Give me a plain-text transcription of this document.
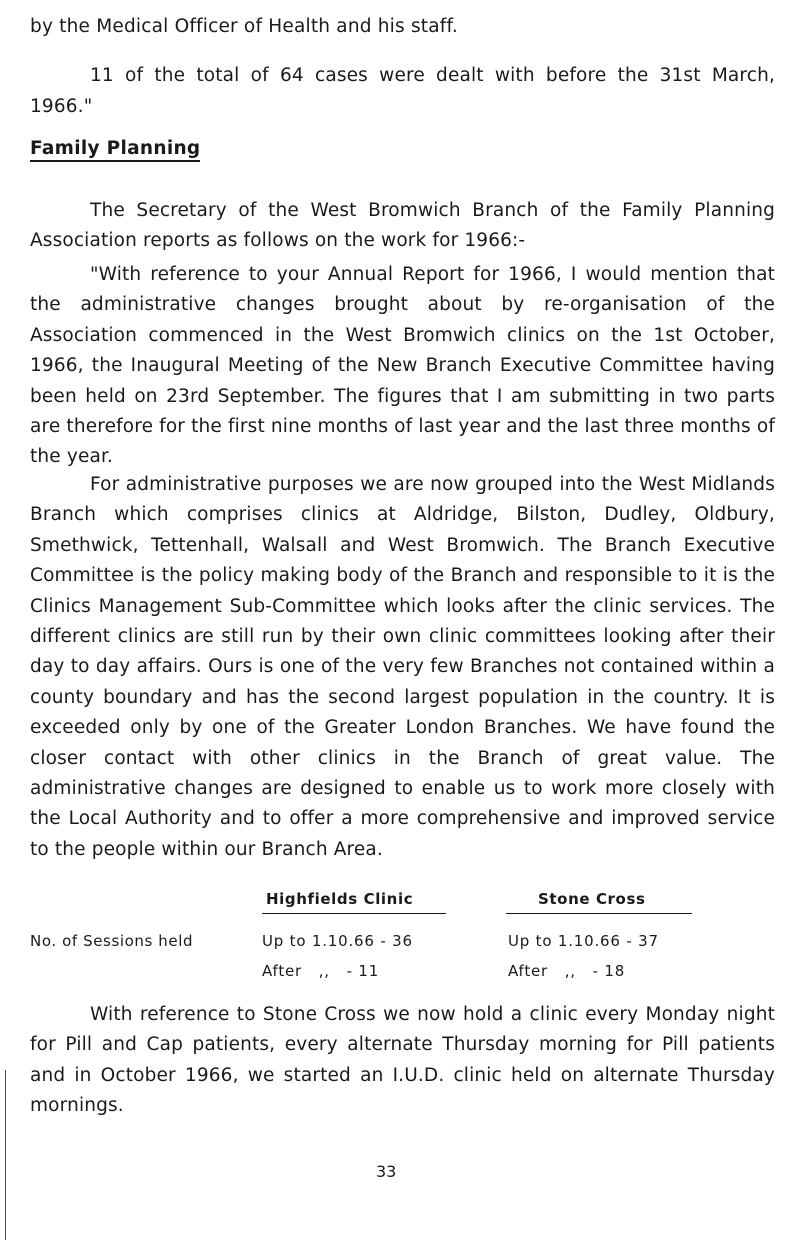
by the Medical Officer of Health and his staff.

11 of the total of 64 cases were dealt with before the 31st March, 1966."

Family Planning

The Secretary of the West Bromwich Branch of the Family Planning Association reports as follows on the work for 1966:-

"With reference to your Annual Report for 1966, I would mention that the administrative changes brought about by re-organisation of the Association commenced in the West Bromwich clinics on the 1st October, 1966, the Inaugural Meeting of the New Branch Executive Committee having been held on 23rd September. The figures that I am submitting in two parts are therefore for the first nine months of last year and the last three months of the year.

For administrative purposes we are now grouped into the West Midlands Branch which comprises clinics at Aldridge, Bilston, Dudley, Oldbury, Smethwick, Tettenhall, Walsall and West Bromwich. The Branch Executive Committee is the policy making body of the Branch and responsible to it is the Clinics Management Sub-Committee which looks after the clinic services. The different clinics are still run by their own clinic committees looking after their day to day affairs. Ours is one of the very few Branches not contained within a county boundary and has the second largest population in the country. It is exceeded only by one of the Greater London Branches. We have found the closer contact with other clinics in the Branch of great value. The administrative changes are designed to enable us to work more closely with the Local Authority and to offer a more comprehensive and improved service to the people within our Branch Area.

Highfields Clinic	Stone Cross
No. of Sessions held	Up to 1.10.66 - 36
After   ,,   - 11
Up to 1.10.66 - 37
After   ,,   - 18

With reference to Stone Cross we now hold a clinic every Monday night for Pill and Cap patients, every alternate Thursday morning for Pill patients and in October 1966, we started an I.U.D. clinic held on alternate Thursday mornings.

33
